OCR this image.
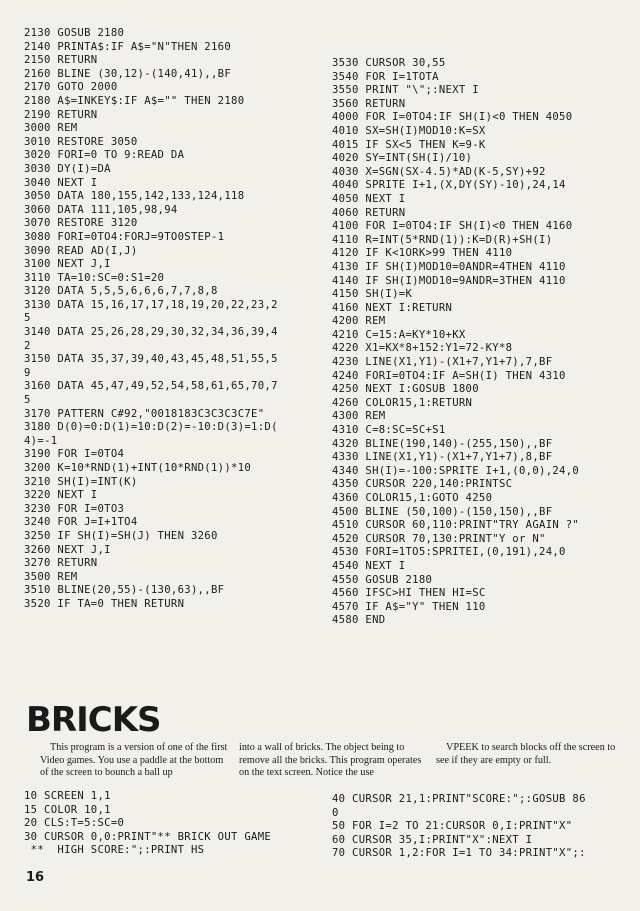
2130 GOSUB 2180
2140 PRINTA$:IF A$="N"THEN 2160
2150 RETURN
2160 BLINE (30,12)-(140,41),,BF
2170 GOTO 2000
2180 A$=INKEY$:IF A$="" THEN 2180
2190 RETURN
3000 REM
3010 RESTORE 3050
3020 FORI=0 TO 9:READ DA
3030 DY(I)=DA
3040 NEXT I
3050 DATA 180,155,142,133,124,118
3060 DATA 111,105,98,94
3070 RESTORE 3120
3080 FORI=0TO4:FORJ=9TO0STEP-1
3090 READ AD(I,J)
3100 NEXT J,I
3110 TA=10:SC=0:S1=20
3120 DATA 5,5,5,6,6,6,7,7,8,8
3130 DATA 15,16,17,17,18,19,20,22,23,2
5
3140 DATA 25,26,28,29,30,32,34,36,39,4
2
3150 DATA 35,37,39,40,43,45,48,51,55,5
9
3160 DATA 45,47,49,52,54,58,61,65,70,7
5
3170 PATTERN C#92,"0018183C3C3C3C7E"
3180 D(0)=0:D(1)=10:D(2)=-10:D(3)=1:D(
4)=-1
3190 FOR I=0TO4
3200 K=10*RND(1)+INT(10*RND(1))*10
3210 SH(I)=INT(K)
3220 NEXT I
3230 FOR I=0TO3
3240 FOR J=I+1TO4
3250 IF SH(I)=SH(J) THEN 3260
3260 NEXT J,I
3270 RETURN
3500 REM
3510 BLINE(20,55)-(130,63),,BF
3520 IF TA=0 THEN RETURN
3530 CURSOR 30,55
3540 FOR I=1TOTA
3550 PRINT "\";:NEXT I
3560 RETURN
4000 FOR I=0TO4:IF SH(I)<0 THEN 4050
4010 SX=SH(I)MOD10:K=SX
4015 IF SX<5 THEN K=9-K
4020 SY=INT(SH(I)/10)
4030 X=SGN(SX-4.5)*AD(K-5,SY)+92
4040 SPRITE I+1,(X,DY(SY)-10),24,14
4050 NEXT I
4060 RETURN
4100 FOR I=0TO4:IF SH(I)<0 THEN 4160
4110 R=INT(5*RND(1)):K=D(R)+SH(I)
4120 IF K<1ORK>99 THEN 4110
4130 IF SH(I)MOD10=0ANDR=4THEN 4110
4140 IF SH(I)MOD10=9ANDR=3THEN 4110
4150 SH(I)=K
4160 NEXT I:RETURN
4200 REM
4210 C=15:A=KY*10+KX
4220 X1=KX*8+152:Y1=72-KY*8
4230 LINE(X1,Y1)-(X1+7,Y1+7),7,BF
4240 FORI=0TO4:IF A=SH(I) THEN 4310
4250 NEXT I:GOSUB 1800
4260 COLOR15,1:RETURN
4300 REM
4310 C=8:SC=SC+S1
4320 BLINE(190,140)-(255,150),,BF
4330 LINE(X1,Y1)-(X1+7,Y1+7),8,BF
4340 SH(I)=-100:SPRITE I+1,(0,0),24,0
4350 CURSOR 220,140:PRINTSC
4360 COLOR15,1:GOTO 4250
4500 BLINE (50,100)-(150,150),,BF
4510 CURSOR 60,110:PRINT"TRY AGAIN ?"
4520 CURSOR 70,130:PRINT"Y or N"
4530 FORI=1TO5:SPRITEI,(0,191),24,0
4540 NEXT I
4550 GOSUB 2180
4560 IFSC>HI THEN HI=SC
4570 IF A$="Y" THEN 110
4580 END
BRICKS

This program is a version of one of the first Video games. You use a paddle at the bottom of the screen to bounch a ball up

into a wall of bricks. The object being to remove all the bricks. This program operates on the text screen. Notice the use

VPEEK to search blocks off the screen to see if they are empty or full.

10 SCREEN 1,1
15 COLOR 10,1
20 CLS:T=5:SC=0
30 CURSOR 0,0:PRINT"** BRICK OUT GAME
**  HIGH SCORE:";:PRINT HS
40 CURSOR 21,1:PRINT"SCORE:";:GOSUB 86
0
50 FOR I=2 TO 21:CURSOR 0,I:PRINT"X"
60 CURSOR 35,I:PRINT"X":NEXT I
70 CURSOR 1,2:FOR I=1 TO 34:PRINT"X";:
16
